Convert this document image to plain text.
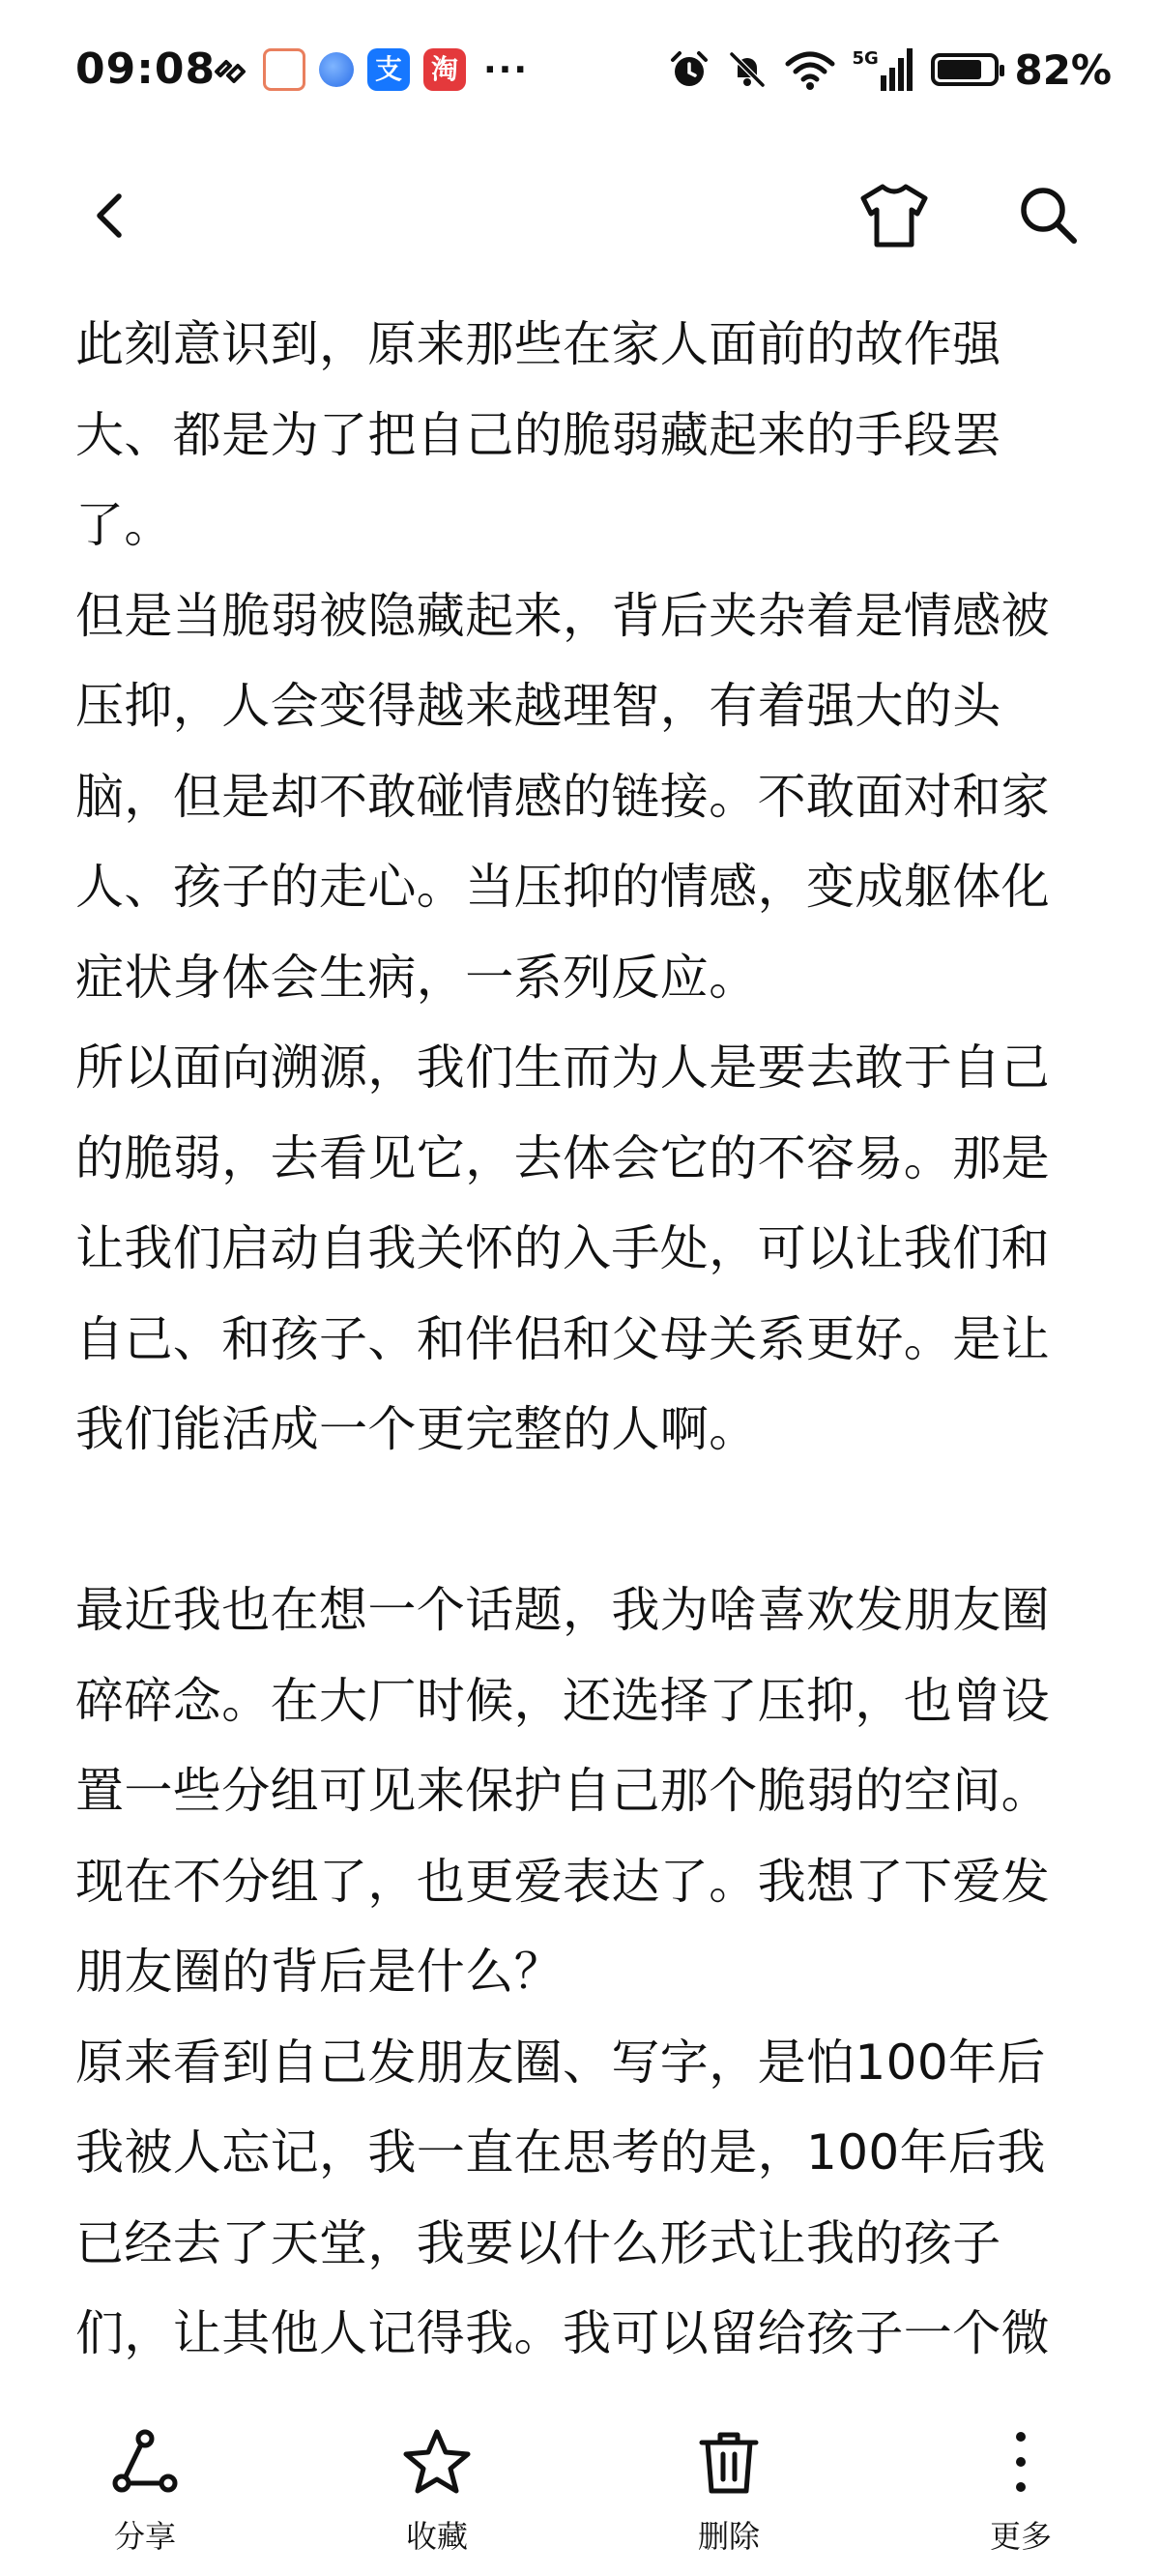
09:08	支 淘 ···	5G	82%

此刻意识到，原来那些在家人面前的故作强大、都是为了把自己的脆弱藏起来的手段罢了。

但是当脆弱被隐藏起来，背后夹杂着是情感被压抑，人会变得越来越理智，有着强大的头脑，但是却不敢碰情感的链接。不敢面对和家人、孩子的走心。当压抑的情感，变成躯体化症状身体会生病，一系列反应。

所以面向溯源，我们生而为人是要去敢于自己的脆弱，去看见它，去体会它的不容易。那是让我们启动自我关怀的入手处，可以让我们和自己、和孩子、和伴侣和父母关系更好。是让我们能活成一个更完整的人啊。

最近我也在想一个话题，我为啥喜欢发朋友圈碎碎念。在大厂时候，还选择了压抑，也曾设置一些分组可见来保护自己那个脆弱的空间。现在不分组了，也更爱表达了。我想了下爱发朋友圈的背后是什么？

原来看到自己发朋友圈、写字，是怕100年后我被人忘记，我一直在思考的是，100年后我已经去了天堂，我要以什么形式让我的孩子们，让其他人记得我。我可以留给孩子一个微

分享	收藏	删除	更多
